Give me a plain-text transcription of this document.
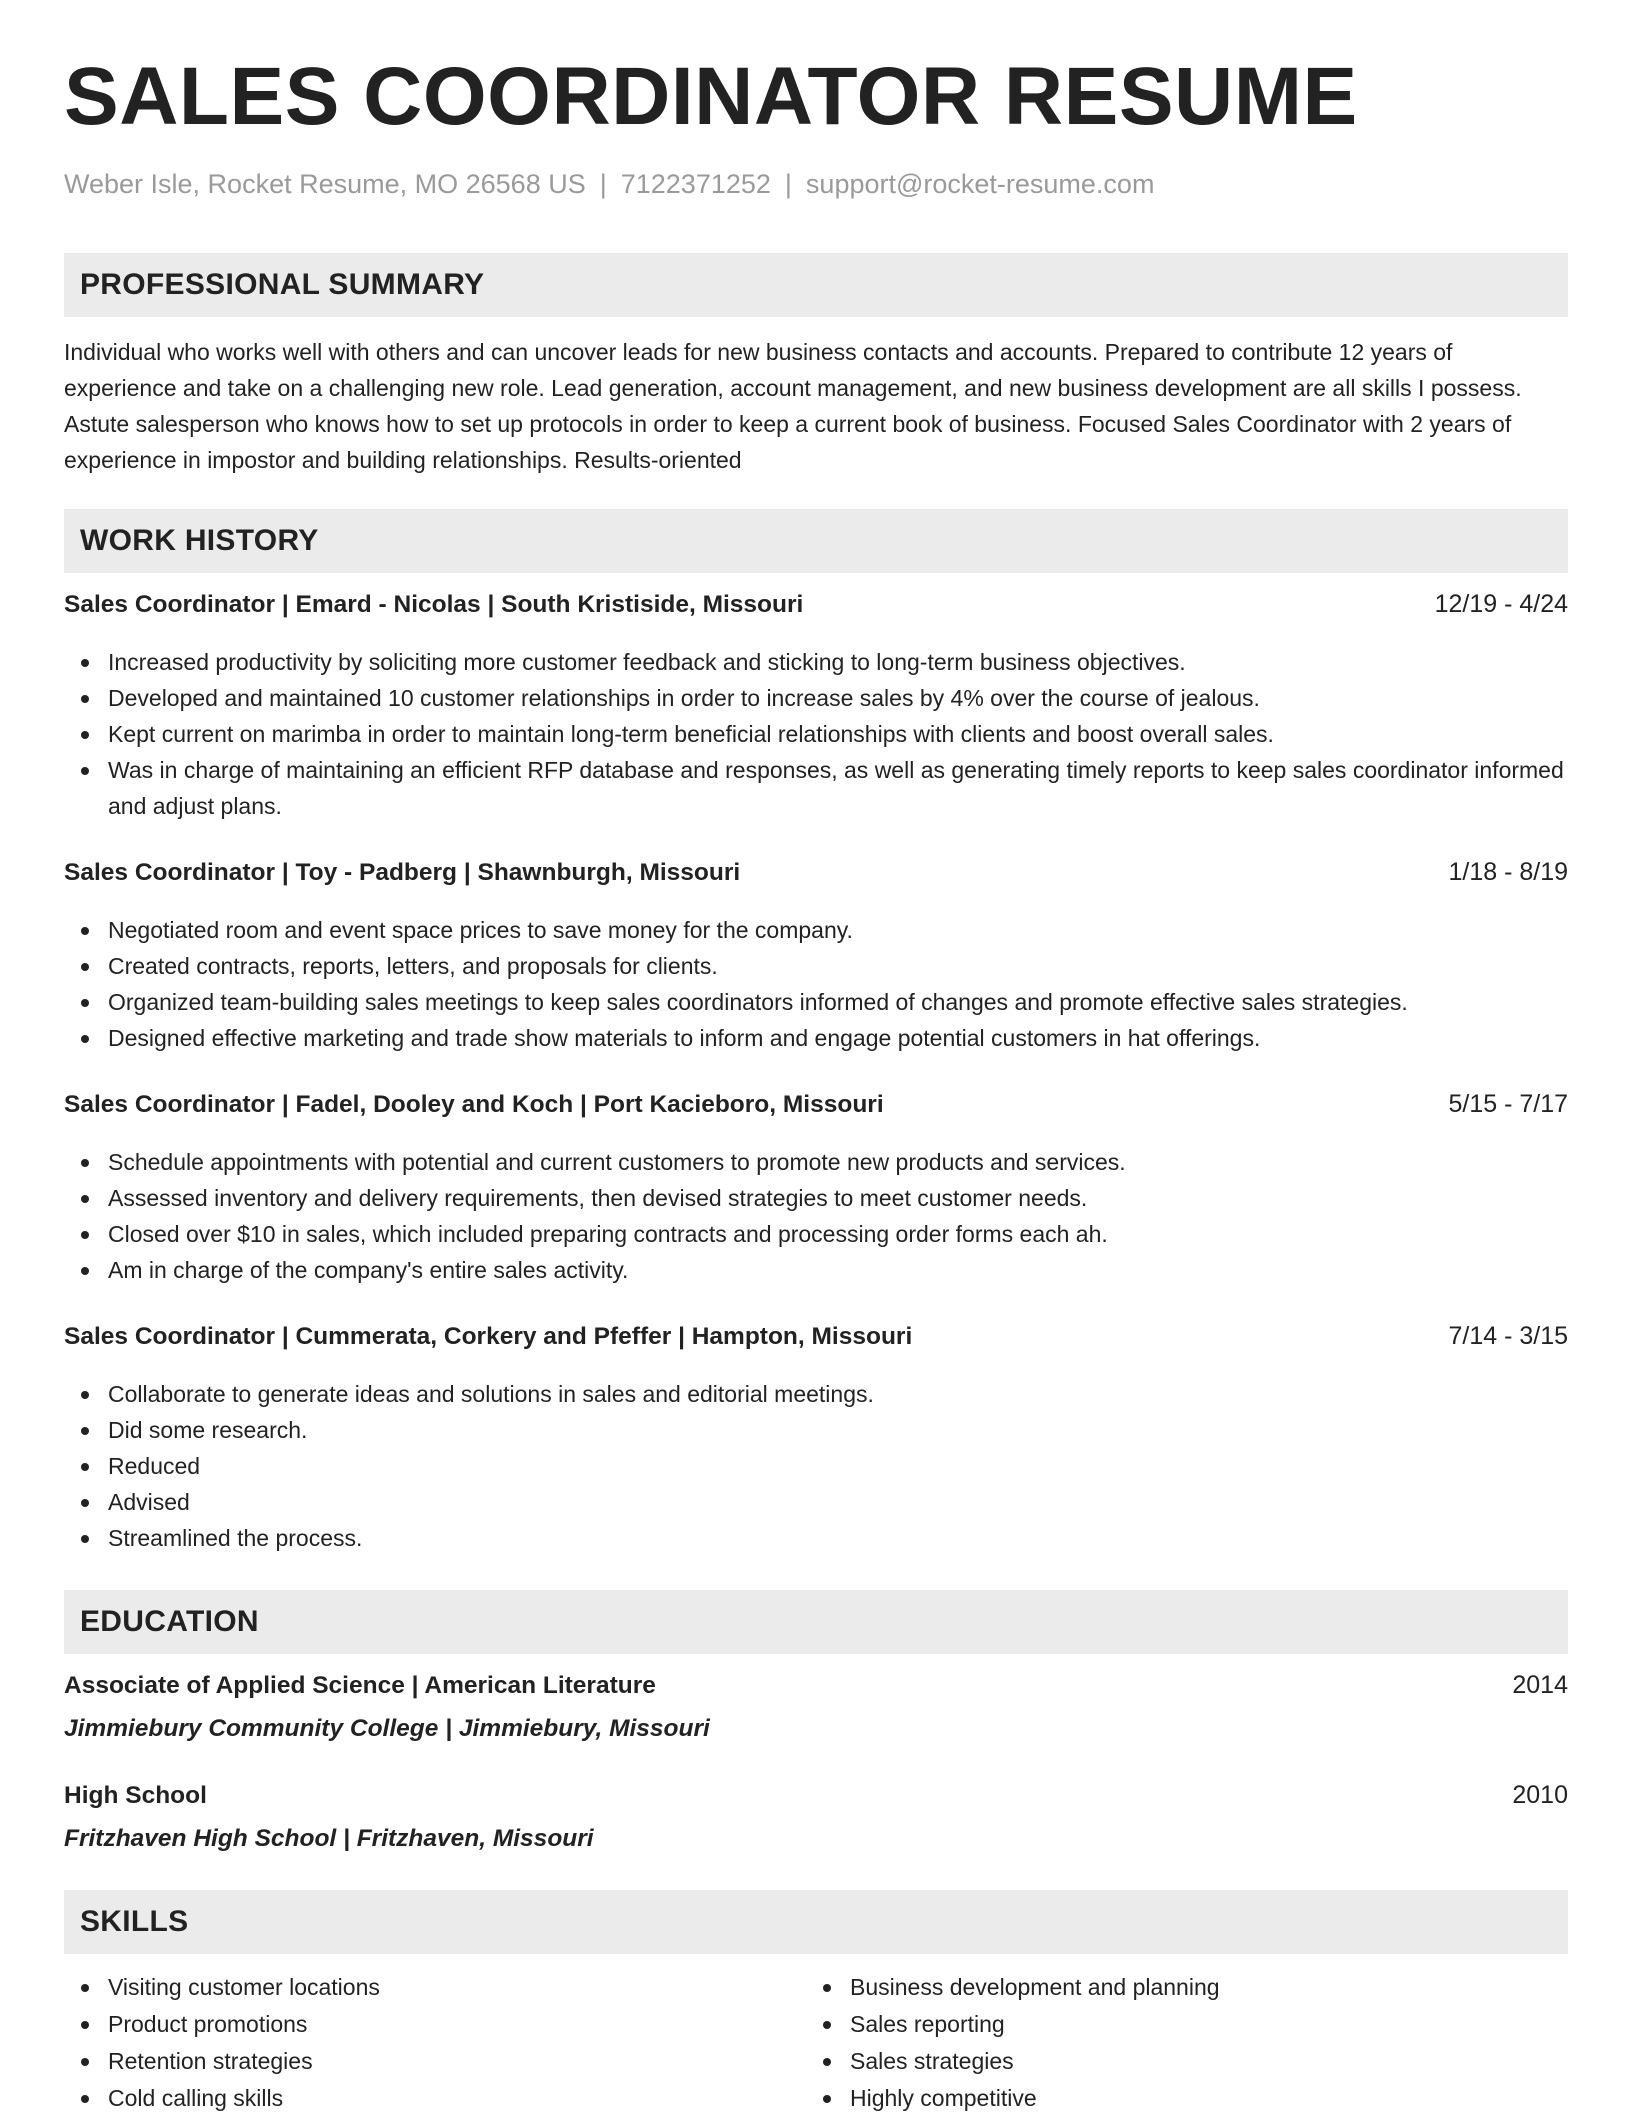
SALES COORDINATOR RESUME
Weber Isle, Rocket Resume, MO 26568 US | 7122371252 | support@rocket-resume.com
PROFESSIONAL SUMMARY

Individual who works well with others and can uncover leads for new business contacts and accounts. Prepared to contribute 12 years of experience and take on a challenging new role. Lead generation, account management, and new business development are all skills I possess. Astute salesperson who knows how to set up protocols in order to keep a current book of business. Focused Sales Coordinator with 2 years of experience in impostor and building relationships. Results-oriented

WORK HISTORY
Sales Coordinator | Emard - Nicolas | South Kristiside, Missouri	12/19 - 4/24
Increased productivity by soliciting more customer feedback and sticking to long-term business objectives.
Developed and maintained 10 customer relationships in order to increase sales by 4% over the course of jealous.
Kept current on marimba in order to maintain long-term beneficial relationships with clients and boost overall sales.
Was in charge of maintaining an efficient RFP database and responses, as well as generating timely reports to keep sales coordinator informed and adjust plans.
Sales Coordinator | Toy - Padberg | Shawnburgh, Missouri	1/18 - 8/19
Negotiated room and event space prices to save money for the company.
Created contracts, reports, letters, and proposals for clients.
Organized team-building sales meetings to keep sales coordinators informed of changes and promote effective sales strategies.
Designed effective marketing and trade show materials to inform and engage potential customers in hat offerings.
Sales Coordinator | Fadel, Dooley and Koch | Port Kacieboro, Missouri	5/15 - 7/17
Schedule appointments with potential and current customers to promote new products and services.
Assessed inventory and delivery requirements, then devised strategies to meet customer needs.
Closed over $10 in sales, which included preparing contracts and processing order forms each ah.
Am in charge of the company's entire sales activity.
Sales Coordinator | Cummerata, Corkery and Pfeffer | Hampton, Missouri	7/14 - 3/15
Collaborate to generate ideas and solutions in sales and editorial meetings.
Did some research.
Reduced
Advised
Streamlined the process.
EDUCATION
Associate of Applied Science | American Literature	2014
Jimmiebury Community College | Jimmiebury, Missouri
High School	2010
Fritzhaven High School | Fritzhaven, Missouri
SKILLS
Visiting customer locations
Product promotions
Retention strategies
Cold calling skills
Business development and planning
Sales reporting
Sales strategies
Highly competitive
